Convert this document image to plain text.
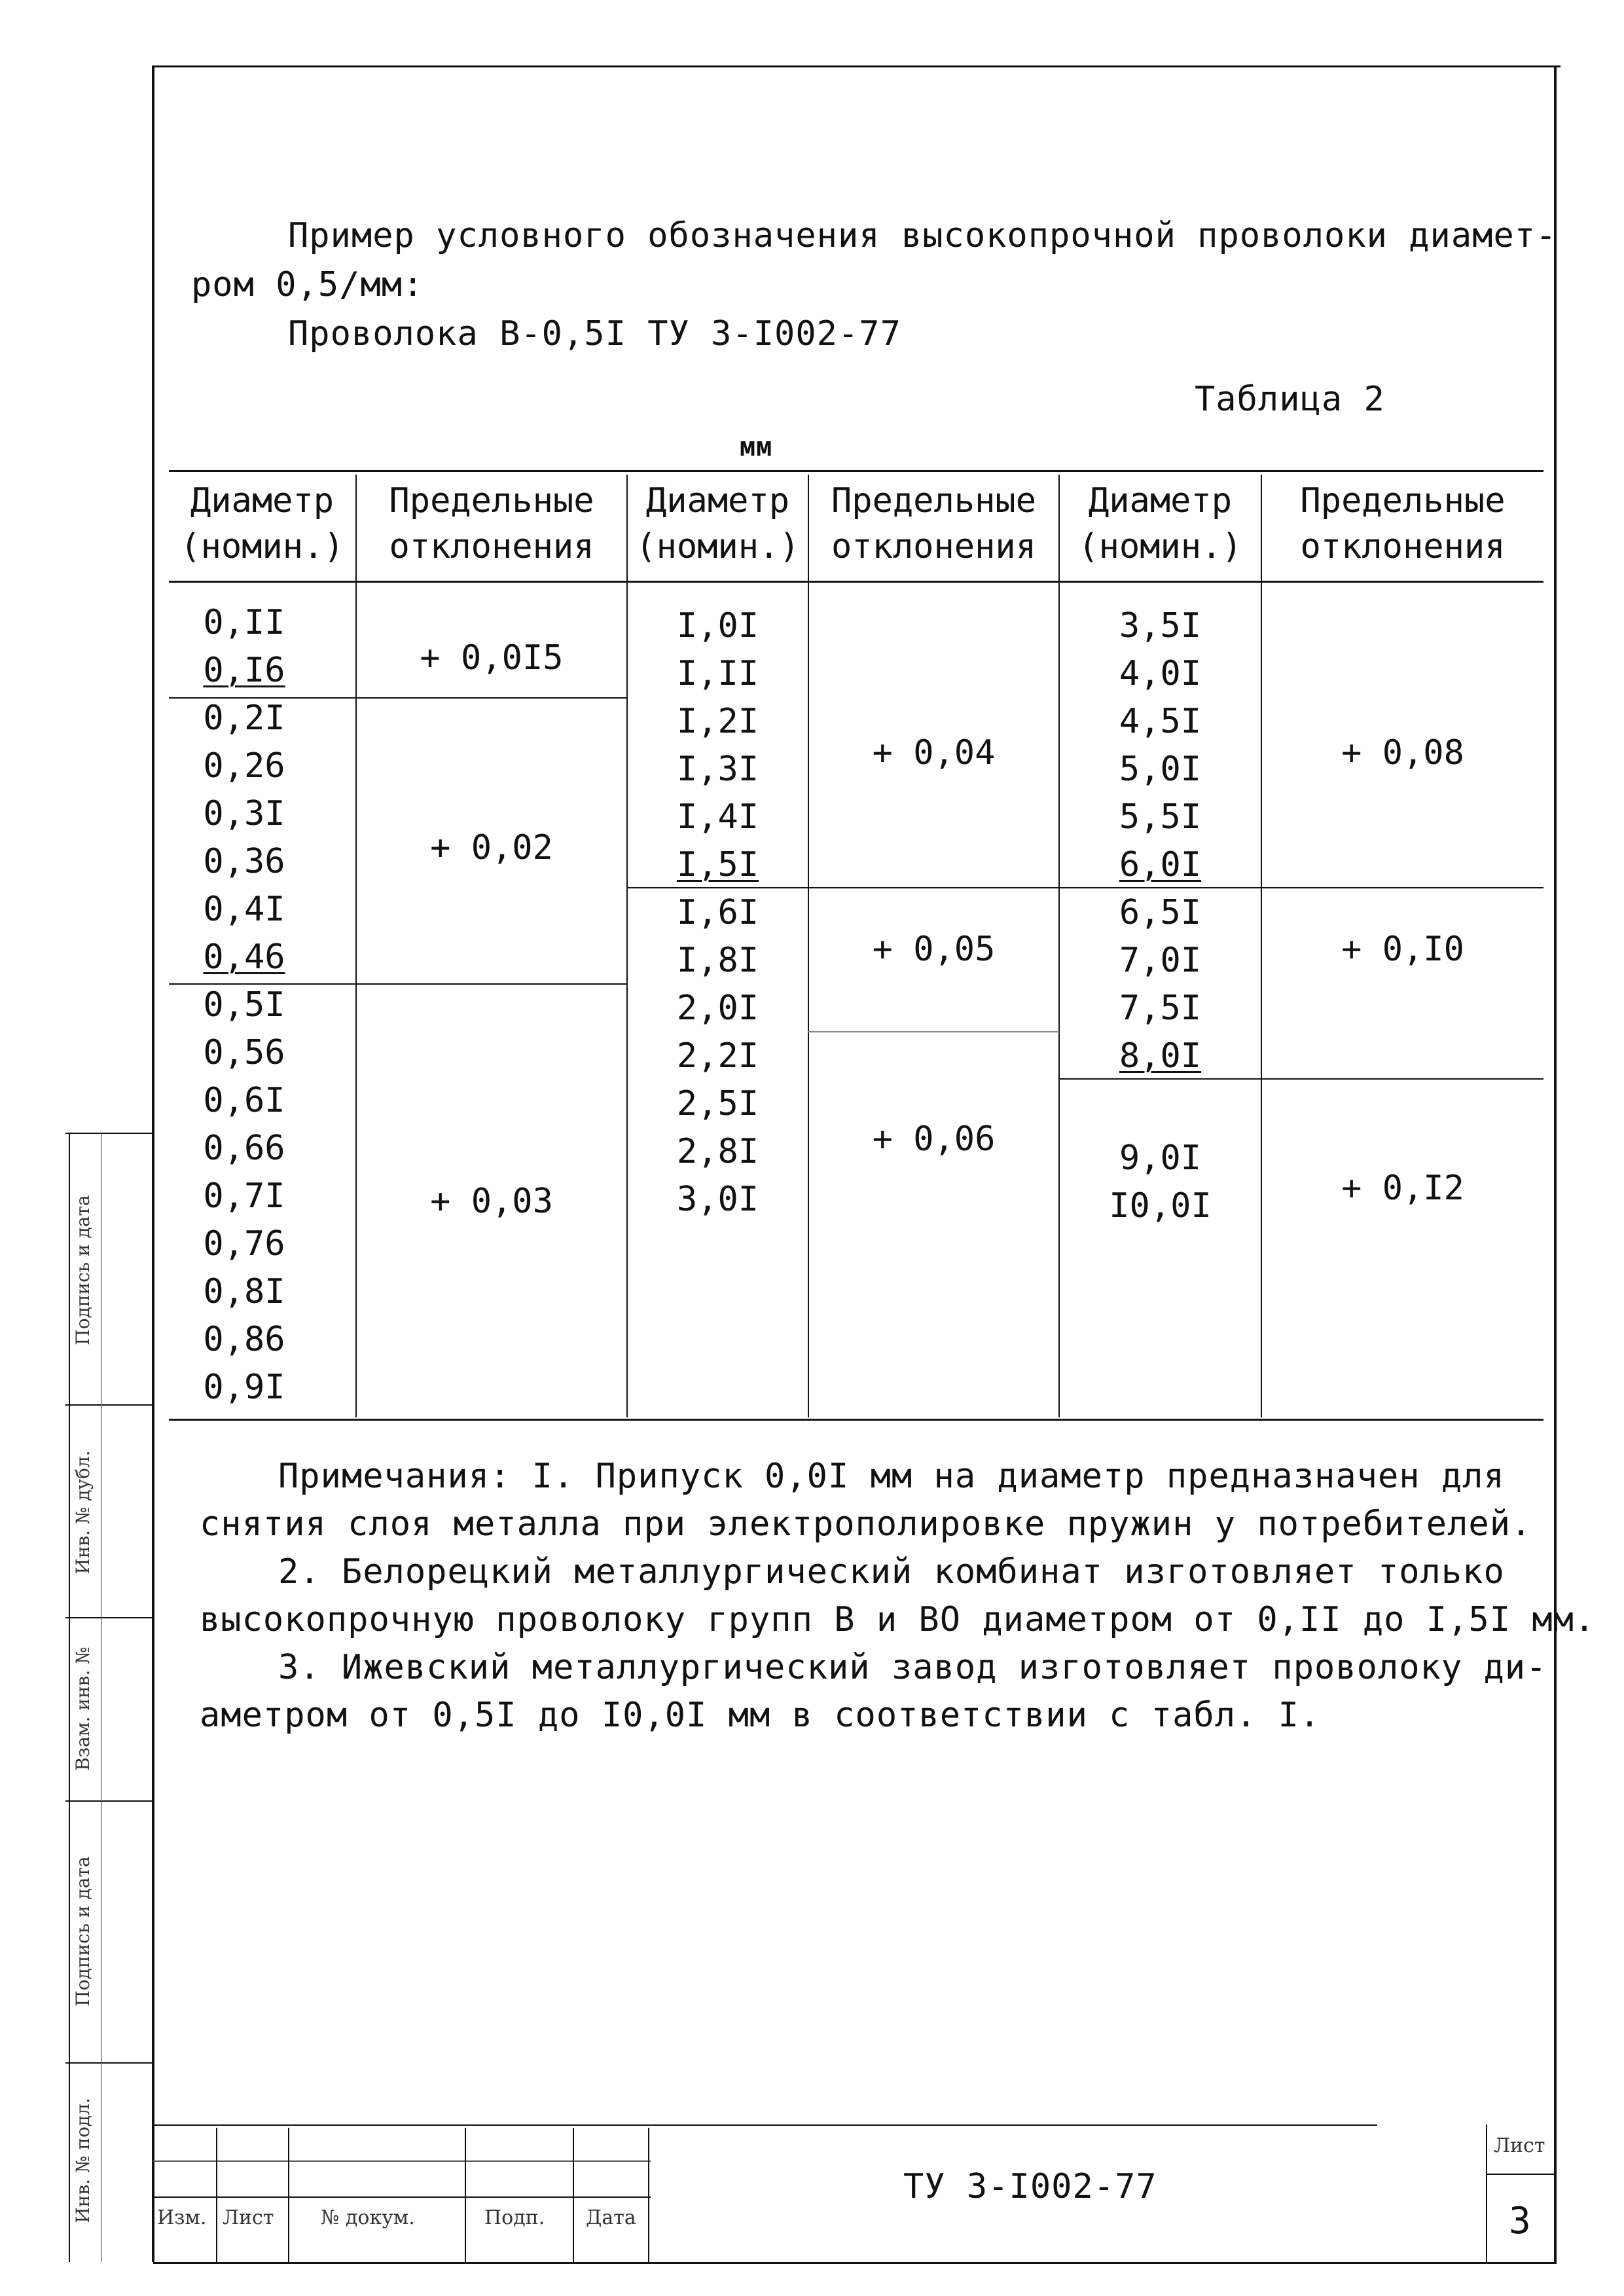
Пример условного обозначения высокопрочной проволоки диамет-
ром 0,5/мм:
Проволока В-0,5I ТУ 3-I002-77
Таблица 2
мм
Диаметр
(номин.)
Предельные
отклонения
Диаметр
(номин.)
Предельные
отклонения
Диаметр
(номин.)
Предельные
отклонения
0,II
0,I6
0,2I
0,26
0,3I
0,36
0,4I
0,46
0,5I
0,56
0,6I
0,66
0,7I
0,76
0,8I
0,86
0,9I
+ 0,0I5
+ 0,02
+ 0,03
I,0I
I,II
I,2I
I,3I
I,4I
I,5I
I,6I
I,8I
2,0I
2,2I
2,5I
2,8I
3,0I
+ 0,04
+ 0,05
+ 0,06
3,5I
4,0I
4,5I
5,0I
5,5I
6,0I
6,5I
7,0I
7,5I
8,0I
9,0I
I0,0I
+ 0,08
+ 0,I0
+ 0,I2
Примечания: I. Припуск 0,0I мм на диаметр предназначен для
снятия слоя металла при электрополировке пружин у потребителей.
2. Белорецкий металлургический комбинат изготовляет только
высокопрочную проволоку групп В и ВО диаметром от 0,II до I,5I мм.
3. Ижевский металлургический завод изготовляет проволоку ди-
аметром от 0,5I до I0,0I мм в соответствии с табл. I.
Подпись и дата
Инв. № дубл.
Взам. инв. №
Подпись и дата
Инв. № подл.	Изм. Лист № докум.	Подп. Дата
ТУ 3-I002-77
Лист
3
